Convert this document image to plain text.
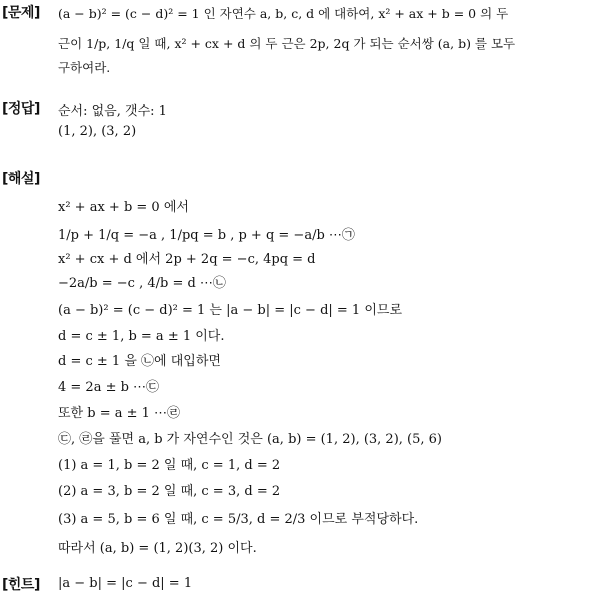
[문제] (a − b)² = (c − d)² = 1 인 자연수 a, b, c, d 에 대하여, x² + ax + b = 0 의 두
근이 1/p, 1/q 일 때, x² + cx + d 의 두 근은 2p, 2q 가 되는 순서쌍 (a, b) 를 모두
구하여라.
[정답] 순서: 없음, 갯수: 1
(1, 2), (3, 2)
[해설]
x² + ax + b = 0 에서
1/p + 1/q = −a , 1/pq = b , p + q = −a/b ⋯㉠
x² + cx + d 에서 2p + 2q = −c, 4pq = d
−2a/b = −c , 4/b = d ⋯㉡
(a − b)² = (c − d)² = 1 는 |a − b| = |c − d| = 1 이므로
d = c ± 1, b = a ± 1 이다.
d = c ± 1 을 ㉡에 대입하면
4 = 2a ± b ⋯㉢
또한 b = a ± 1 ⋯㉣
㉢, ㉣을 풀면 a, b 가 자연수인 것은 (a, b) = (1, 2), (3, 2), (5, 6)
(1) a = 1, b = 2 일 때, c = 1, d = 2
(2) a = 3, b = 2 일 때, c = 3, d = 2
(3) a = 5, b = 6 일 때, c = 5/3, d = 2/3 이므로 부적당하다.
따라서 (a, b) = (1, 2)(3, 2) 이다.
[힌트] |a − b| = |c − d| = 1
